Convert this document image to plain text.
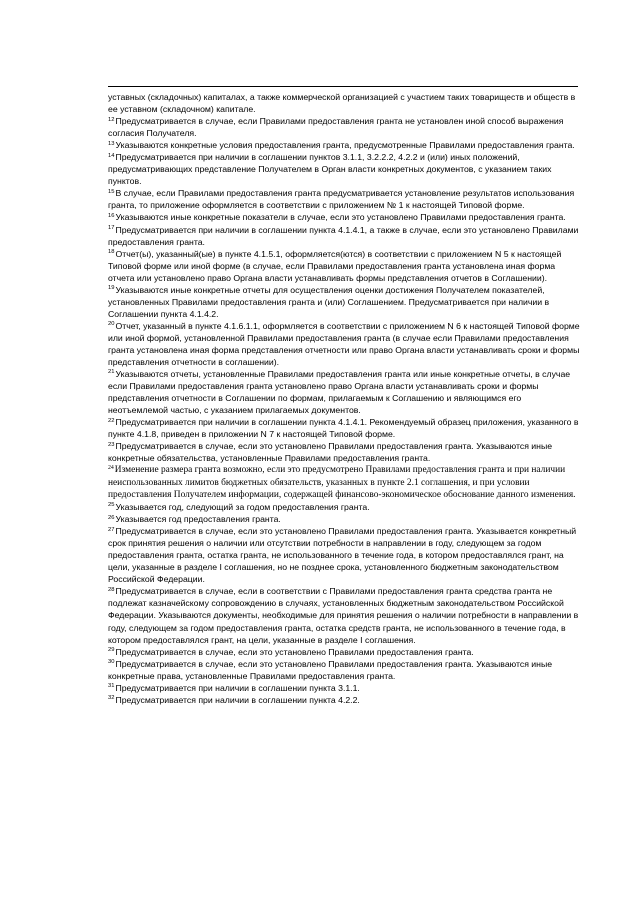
уставных (складочных) капиталах, а также коммерческой организацией с участием таких товариществ и обществ в ее уставном (складочном) капитале.

$^{12}$Предусматривается в случае, если Правилами предоставления гранта не установлен иной способ выражения согласия Получателя.

$^{13}$Указываются конкретные условия предоставления гранта, предусмотренные Правилами предоставления гранта.

$^{14}$Предусматривается при наличии в соглашении пунктов 3.1.1, 3.2.2.2, 4.2.2 и (или) иных положений, предусматривающих представление Получателем в Орган власти конкретных документов, с указанием таких пунктов.

$^{15}$В случае, если Правилами предоставления гранта предусматривается установление результатов использования гранта, то приложение оформляется в соответствии с приложением № 1 к настоящей Типовой форме.

$^{16}$Указываются иные конкретные показатели в случае, если это установлено Правилами предоставления гранта.

$^{17}$Предусматривается при наличии в соглашении пункта 4.1.4.1, а также в случае, если это установлено Правилами предоставления гранта.

$^{18}$Отчет(ы), указанный(ые) в пункте 4.1.5.1, оформляется(ются) в соответствии с приложением N 5 к настоящей Типовой форме или иной форме (в случае, если Правилами предоставления гранта установлена иная форма отчета или установлено право Органа власти устанавливать формы представления отчетов в Соглашении).

$^{19}$Указываются иные конкретные отчеты для осуществления оценки достижения Получателем показателей, установленных Правилами предоставления гранта и (или) Соглашением. Предусматривается при наличии в Соглашении пункта 4.1.4.2.

$^{20}$Отчет, указанный в пункте 4.1.6.1.1, оформляется в соответствии с приложением N 6 к настоящей Типовой форме или иной формой, установленной Правилами предоставления гранта (в случае если Правилами предоставления гранта установлена иная форма представления отчетности или право Органа власти устанавливать сроки и формы представления отчетности в соглашении).

$^{21}$Указываются отчеты, установленные Правилами предоставления гранта или иные конкретные отчеты, в случае если Правилами предоставления гранта установлено право Органа власти устанавливать сроки и формы представления отчетности в Соглашении по формам, прилагаемым к Соглашению и являющимся его неотъемлемой частью, с указанием прилагаемых документов.

$^{22}$Предусматривается при наличии в соглашении пункта 4.1.4.1. Рекомендуемый образец приложения, указанного в пункте 4.1.8, приведен в приложении N 7 к настоящей Типовой форме.

$^{23}$Предусматривается в случае, если это установлено Правилами предоставления гранта. Указываются иные конкретные обязательства, установленные Правилами предоставления гранта.

$^{24}$Изменение размера гранта возможно, если это предусмотрено Правилами предоставления гранта и при наличии неиспользованных лимитов бюджетных обязательств, указанных в пункте 2.1 соглашения, и при условии предоставления Получателем информации, содержащей финансово-экономическое обоснование данного изменения.

$^{25}$Указывается год, следующий за годом предоставления гранта.

$^{26}$Указывается год предоставления гранта.

$^{27}$Предусматривается в случае, если это установлено Правилами предоставления гранта. Указывается конкретный срок принятия решения о наличии или отсутствии потребности в направлении в году, следующем за годом предоставления гранта, остатка гранта, не использованного в течение года, в котором предоставлялся грант, на цели, указанные в разделе I соглашения, но не позднее срока, установленного бюджетным законодательством Российской Федерации.

$^{28}$Предусматривается в случае, если в соответствии с Правилами предоставления гранта средства гранта не подлежат казначейскому сопровождению в случаях, установленных бюджетным законодательством Российской Федерации. Указываются документы, необходимые для принятия решения о наличии потребности в направлении в году, следующем за годом предоставления гранта, остатка средств гранта, не использованного в течение года, в котором предоставлялся грант, на цели, указанные в разделе I соглашения.

$^{29}$Предусматривается в случае, если это установлено Правилами предоставления гранта.

$^{30}$Предусматривается в случае, если это установлено Правилами предоставления гранта. Указываются иные конкретные права, установленные Правилами предоставления гранта.

$^{31}$Предусматривается при наличии в соглашении пункта 3.1.1.

$^{32}$Предусматривается при наличии в соглашении пункта 4.2.2.
